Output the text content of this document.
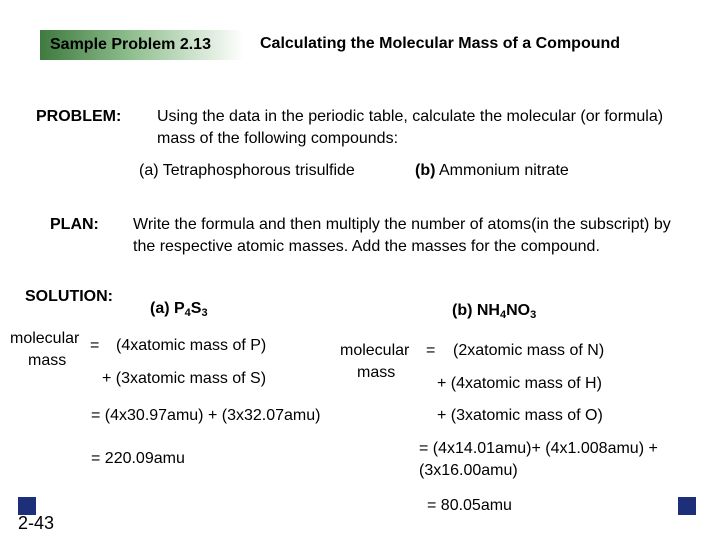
Sample Problem 2.13	Calculating the Molecular Mass of a Compound
PROBLEM: Using the data in the periodic table, calculate the molecular (or formula) mass of the following compounds:
(a) Tetraphosphorous trisulfide	(b) Ammonium nitrate
PLAN: Write the formula and then multiply the number of atoms(in the subscript) by the respective atomic masses. Add the masses for the compound.
SOLUTION:
(a) $P_4S_3$
molecular
mass
= (4xatomic mass of P)
+ (3xatomic mass of S)
= (4x30.97amu) + (3x32.07amu)
= 220.09amu
(b) $NH_4NO_3$
molecular
mass
= (2xatomic mass of N)
+ (4xatomic mass of H)
+ (3xatomic mass of O)
= (4x14.01amu)+ (4x1.008amu) + (3x16.00amu)
= 80.05amu
2-43
